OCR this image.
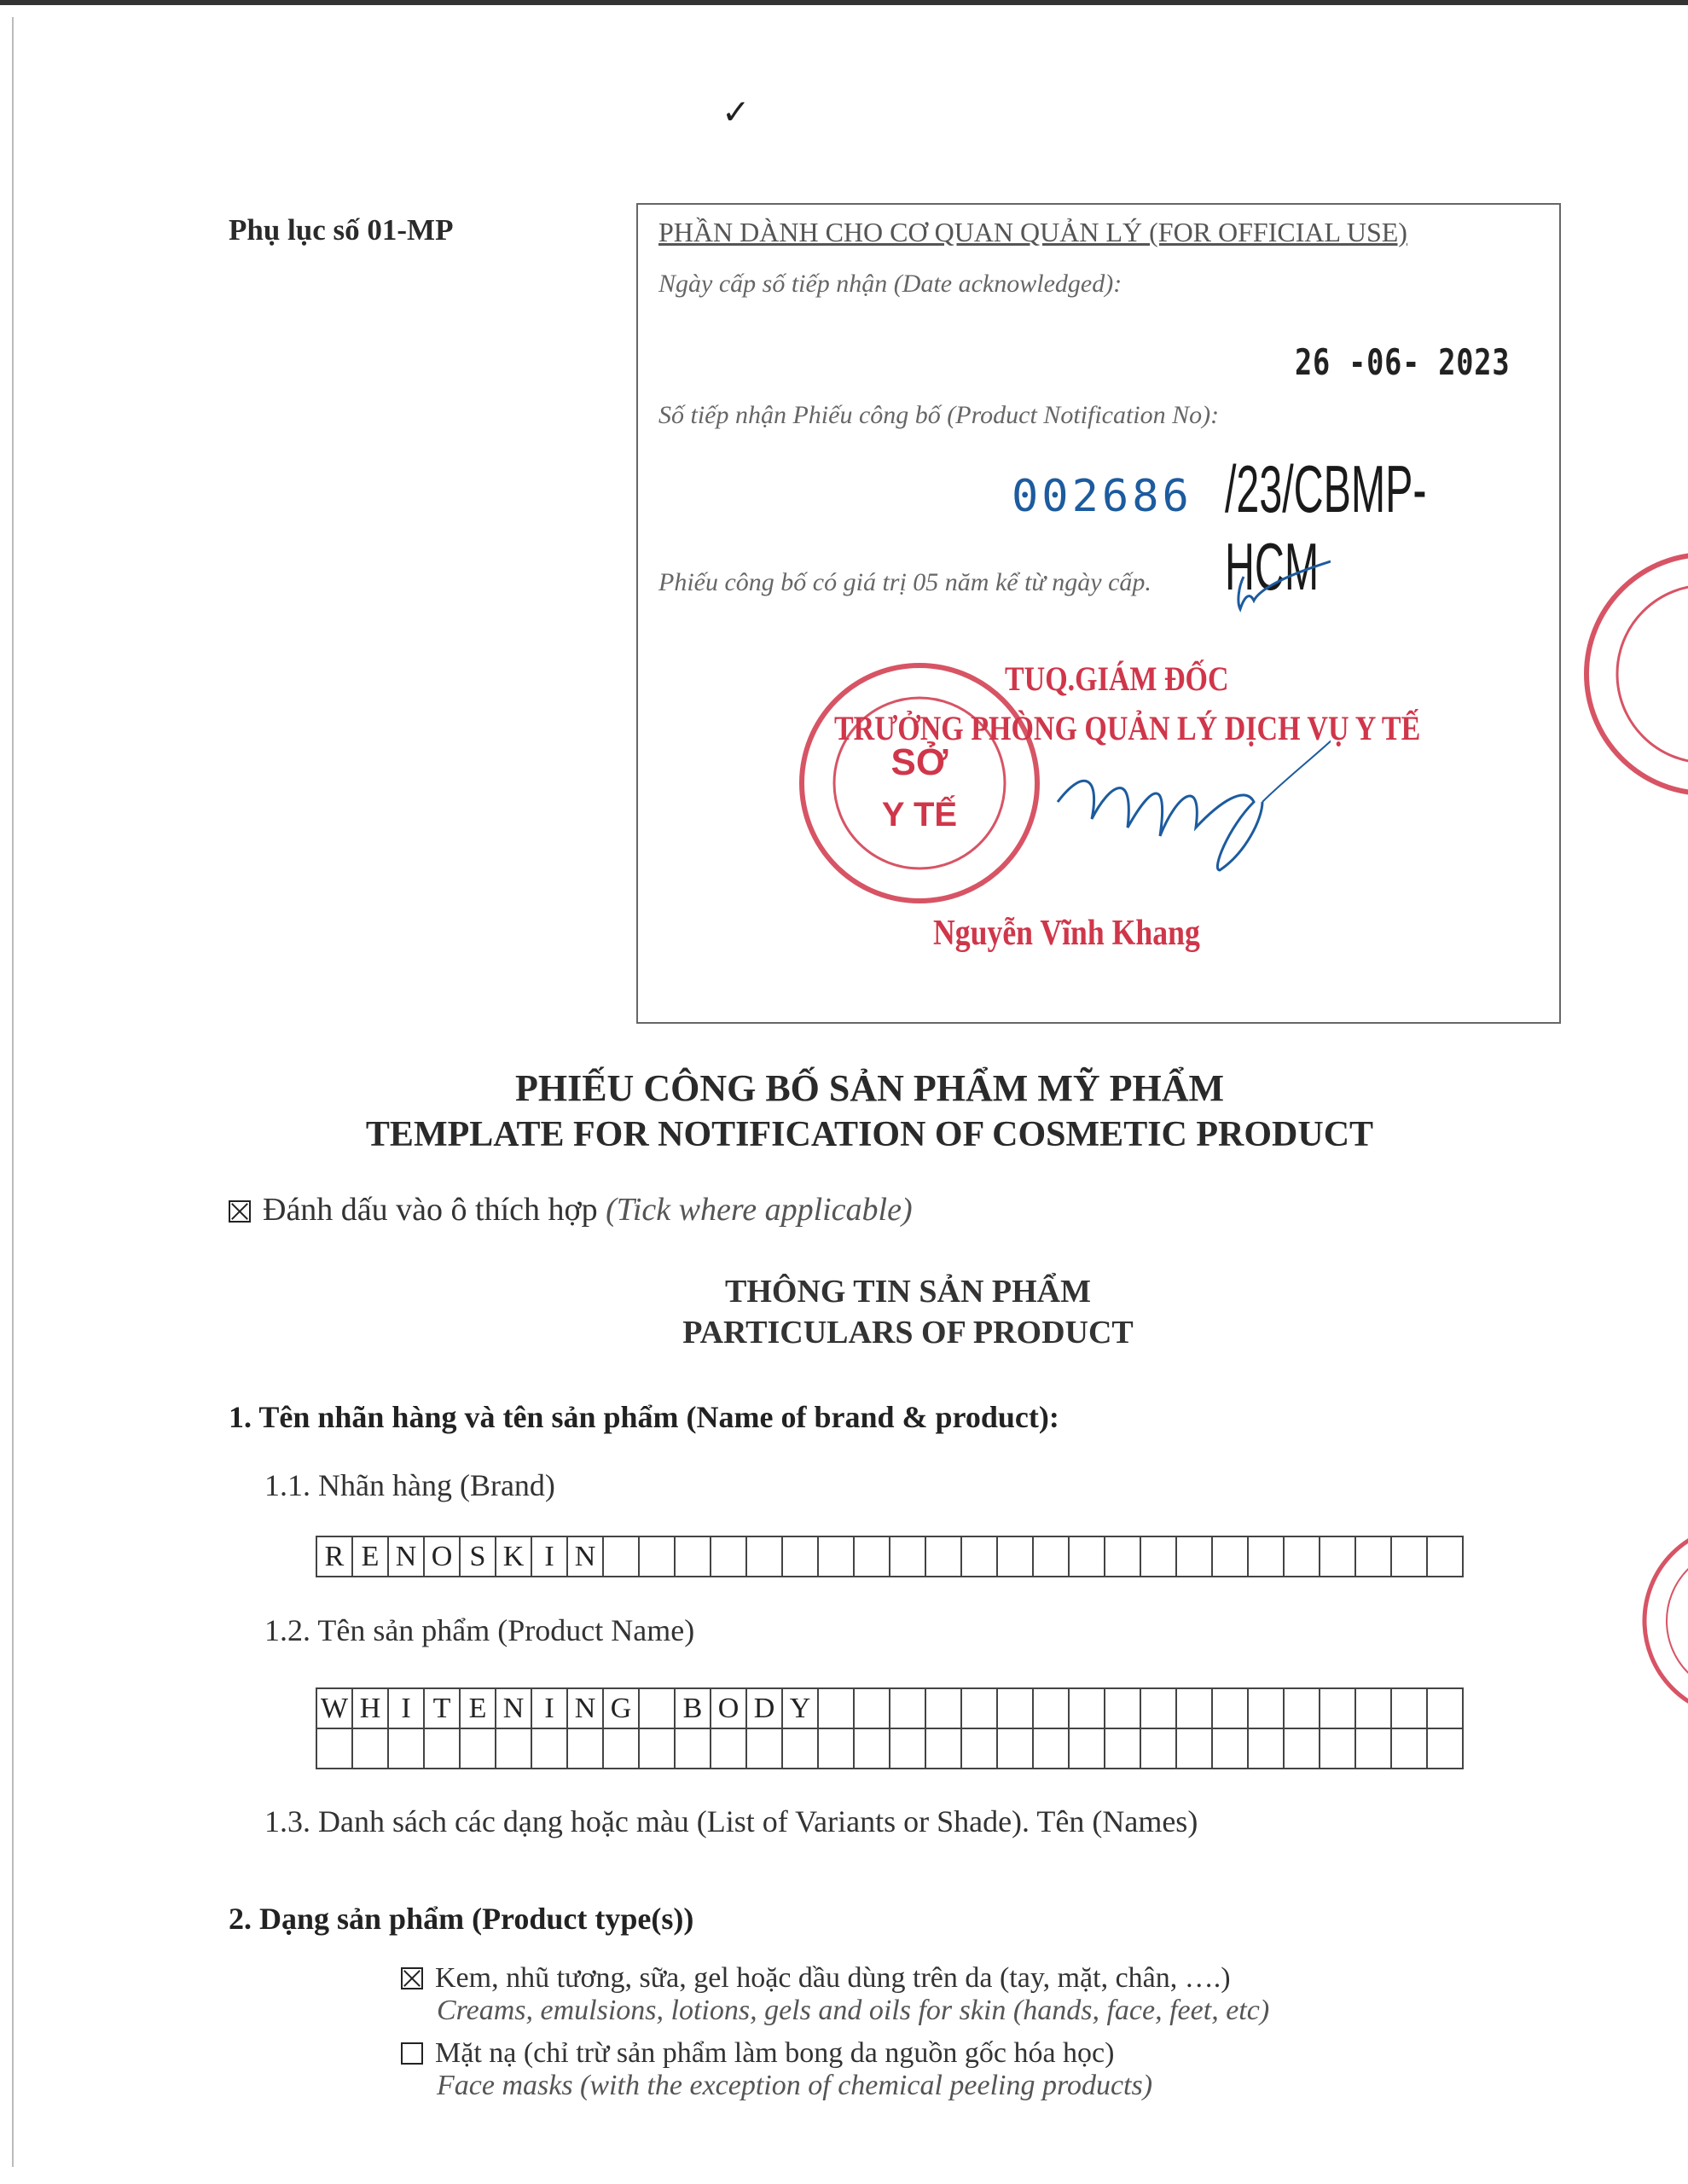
✓
Phụ lục số 01-MP	PHẦN DÀNH CHO CƠ QUAN QUẢN LÝ (FOR OFFICIAL USE)
Ngày cấp số tiếp nhận (Date acknowledged):
26 -06- 2023
Số tiếp nhận Phiếu công bố (Product Notification No):
002686 /23/CBMP-HCM
Phiếu công bố có giá trị 05 năm kể từ ngày cấp.
SỞ
Y TẾ
TUQ.GIÁM ĐỐC
TRƯỞNG PHÒNG QUẢN LÝ DỊCH VỤ Y TẾ
Nguyễn Vĩnh Khang
PHIẾU CÔNG BỐ SẢN PHẨM MỸ PHẨM
TEMPLATE FOR NOTIFICATION OF COSMETIC PRODUCT
Đánh dấu vào ô thích hợp (Tick where applicable)
THÔNG TIN SẢN PHẨM
PARTICULARS OF PRODUCT
1. Tên nhãn hàng và tên sản phẩm (Name of brand & product):
1.1. Nhãn hàng (Brand)
R	E	N	O	S	K	I	N																								
1.2. Tên sản phẩm (Product Name)
W	H	I	T	E	N	I	N	G		B	O	D	Y																		

1.3. Danh sách các dạng hoặc màu (List of Variants or Shade). Tên (Names)
2. Dạng sản phẩm (Product type(s))
Kem, nhũ tương, sữa, gel hoặc dầu dùng trên da (tay, mặt, chân, ….)
Creams, emulsions, lotions, gels and oils for skin (hands, face, feet, etc)
Mặt nạ (chỉ trừ sản phẩm làm bong da nguồn gốc hóa học)
Face masks (with the exception of chemical peeling products)
